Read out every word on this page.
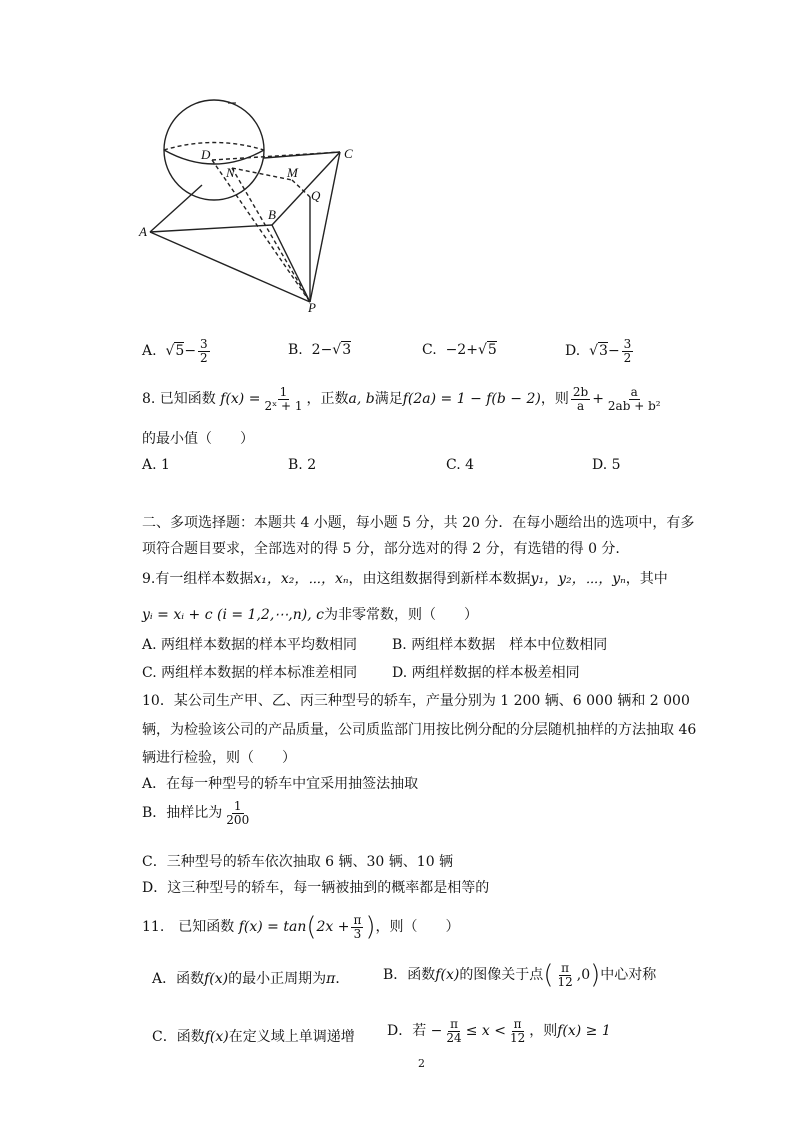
D
N	M
C
Q
B
A
P
A.  $√5- \frac{3}{2}$	B. 2−√3	C. −2+√5	D.  $√3- \frac{3}{2}$
8. 已知函数 $f(x) = \frac{1}{\text{2ˣ + 1}}$ ，正数a, b满足f(2a) = 1 − f(b − 2)，则 $\frac{2b}{a} + \frac{a}{\text{2ab + b²}}$
的最小值（　　）
A. 1	B. 2	C. 4	D. 5
二、多项选择题：本题共 4 小题，每小题 5 分，共 20 分．在每小题给出的选项中，有多
项符合题目要求，全部选对的得 5 分，部分选对的得 2 分，有选错的得 0 分.
9.有一组样本数据x₁，x₂，⋯，xₙ，由这组数据得到新样本数据y₁，y₂，⋯，yₙ，其中
yᵢ = xᵢ + c (i = 1,2,⋯,n), c为非零常数，则（　　）
A. 两组样本数据的样本平均数相同 B. 两组样本数据　样本中位数相同
C. 两组样本数据的样本标准差相同 D. 两组样数据的样本极差相同
10．某公司生产甲、乙、丙三种型号的轿车，产量分别为 1 200 辆、6 000 辆和 2 000
辆，为检验该公司的产品质量，公司质监部门用按比例分配的分层随机抽样的方法抽取 46
辆进行检验，则（　　）
A．在每一种型号的轿车中宜采用抽签法抽取
B．抽样比为 $\frac{1}{200}$
C．三种型号的轿车依次抽取 6 辆、30 辆、10 辆
D．这三种型号的轿车，每一辆被抽到的概率都是相等的
11.　已知函数 $f(x) = \tan(2x + \frac{\pi}{3}$ )，则（　　）
A．函数f(x)的最小正周期为π． B．函数f(x)的图像关于点( $\frac{\pi}{12} ,0$)中心对称
C．函数f(x)在定义域上单调递增 D．若 − $\frac{\pi}{24} \le x < \frac{\pi}{12}$ ，则f(x) ≥ 1
2
